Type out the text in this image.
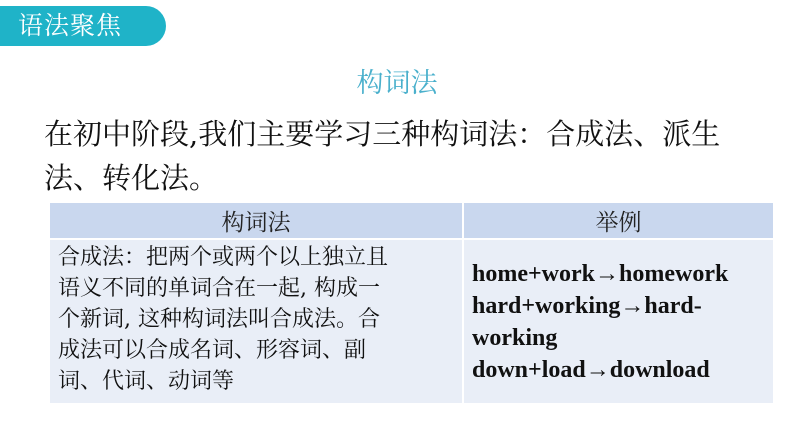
语法聚焦
构词法
在初中阶段,我们主要学习三种构词法：合成法、派生
法、转化法。
构词法	举例

合成法：把两个或两个以上独立且
语义不同的单词合在一起, 构成一
个新词, 这种构词法叫合成法。合
成法可以合成名词、形容词、副
词、代词、动词等	home+work→homework
hard+working→hard-
working
down+load→download
